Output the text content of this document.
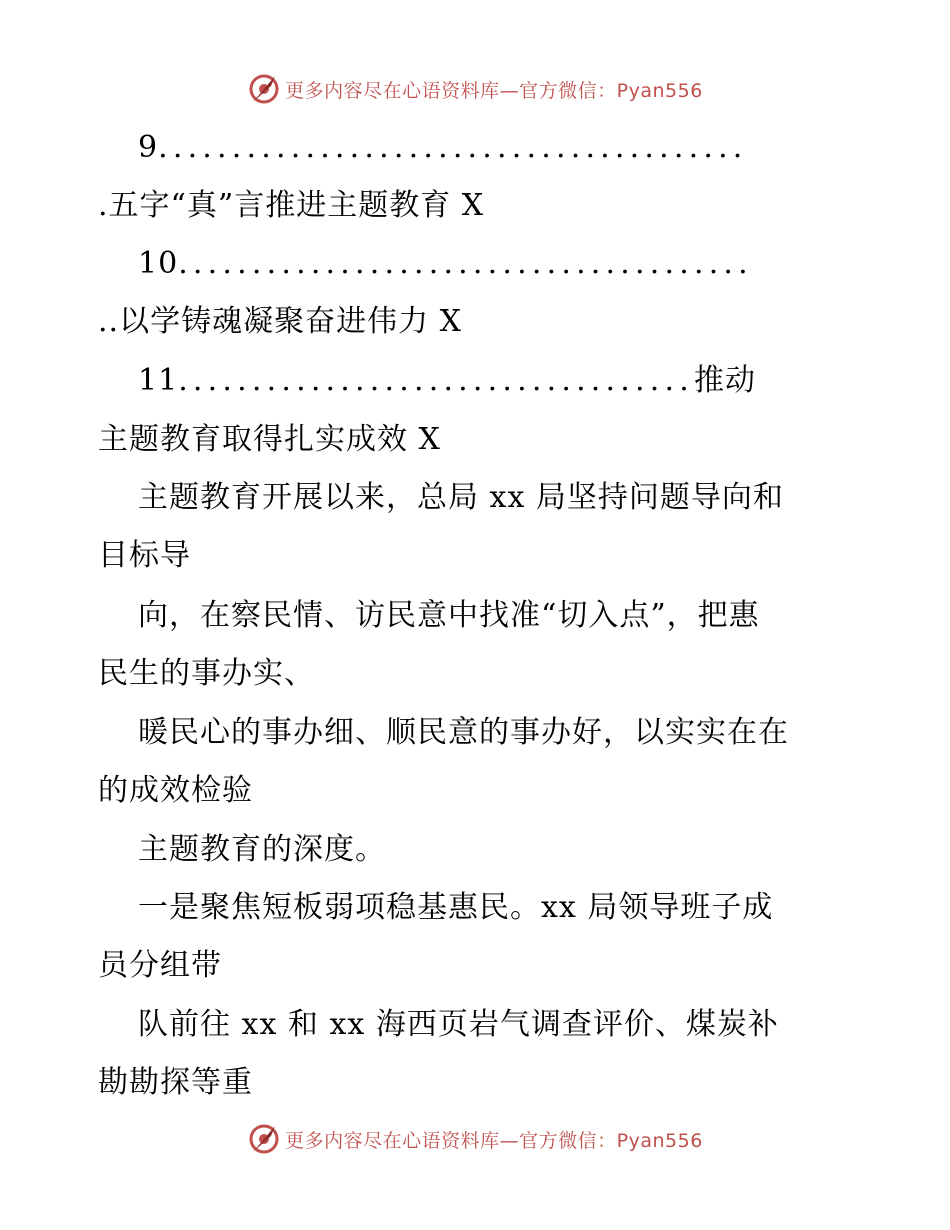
更多内容尽在心语资料库—官方微信：Pyan556
9........................................
.五字“真”言推进主题教育 X
10.......................................
..以学铸魂凝聚奋进伟力 X
11...................................推动
主题教育取得扎实成效 X
主题教育开展以来，总局 xx 局坚持问题导向和
目标导
向，在察民情、访民意中找准“切入点”，把惠
民生的事办实、
暖民心的事办细、顺民意的事办好，以实实在在
的成效检验
主题教育的深度。
一是聚焦短板弱项稳基惠民。xx 局领导班子成
员分组带
队前往 xx 和 xx 海西页岩气调查评价、煤炭补
勘勘探等重
更多内容尽在心语资料库—官方微信：Pyan556
